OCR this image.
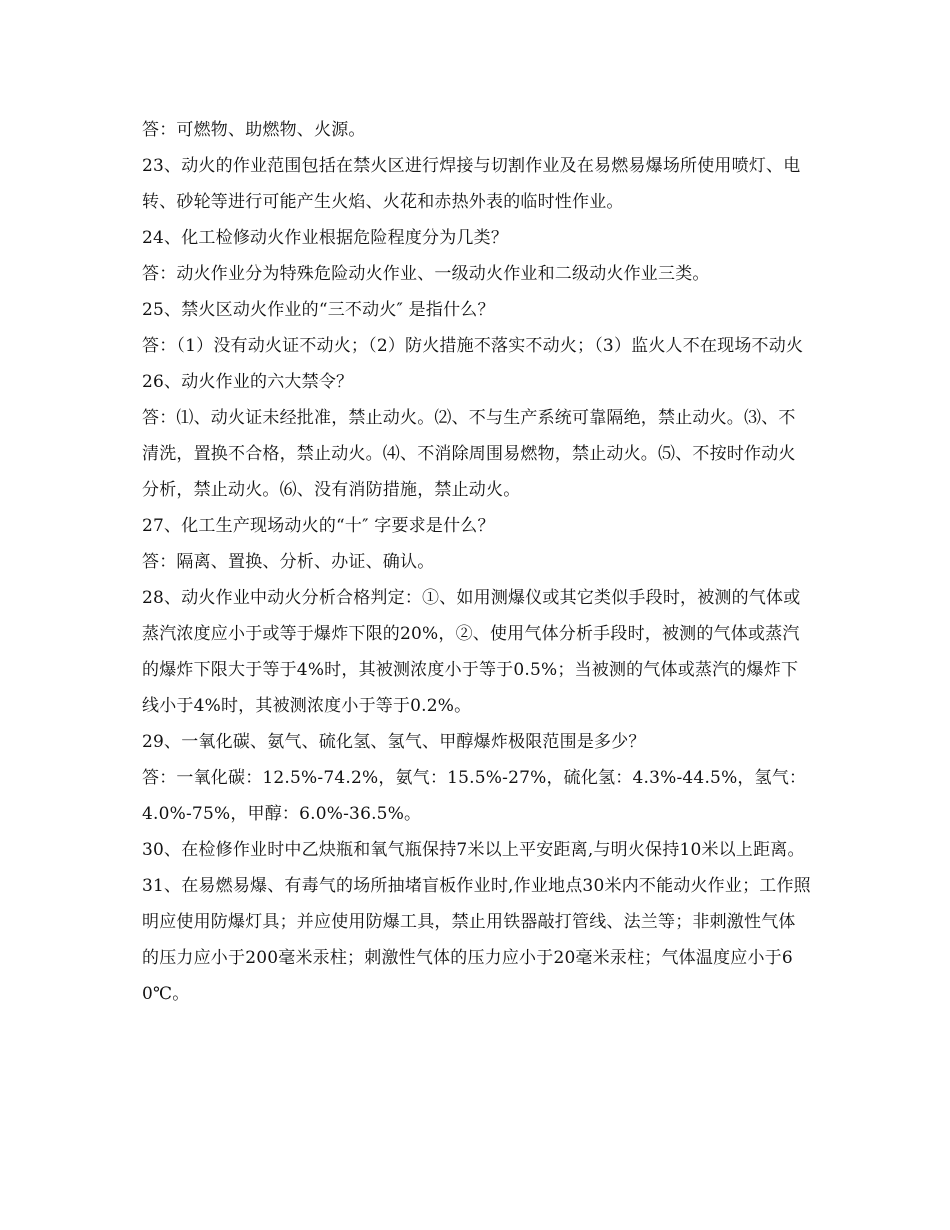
答：可燃物、助燃物、火源。

23、动火的作业范围包括在禁火区进行焊接与切割作业及在易燃易爆场所使用喷灯、电转、砂轮等进行可能产生火焰、火花和赤热外表的临时性作业。

24、化工检修动火作业根据危险程度分为几类？

答：动火作业分为特殊危险动火作业、一级动火作业和二级动火作业三类。

25、禁火区动火作业的“三不动火″ 是指什么？

答：（1）没有动火证不动火；（2）防火措施不落实不动火；（3）监火人不在现场不动火

26、动火作业的六大禁令？

答：⑴、动火证未经批准，禁止动火。⑵、不与生产系统可靠隔绝，禁止动火。⑶、不清洗，置换不合格，禁止动火。⑷、不消除周围易燃物，禁止动火。⑸、不按时作动火分析，禁止动火。⑹、没有消防措施，禁止动火。

27、化工生产现场动火的“十″ 字要求是什么？

答：隔离、置换、分析、办证、确认。

28、动火作业中动火分析合格判定：①、如用测爆仪或其它类似手段时，被测的气体或蒸汽浓度应小于或等于爆炸下限的20%，②、使用气体分析手段时，被测的气体或蒸汽的爆炸下限大于等于4%时，其被测浓度小于等于0.5%；当被测的气体或蒸汽的爆炸下线小于4%时，其被测浓度小于等于0.2%。

29、一氧化碳、氨气、硫化氢、氢气、甲醇爆炸极限范围是多少？

答：一氧化碳：12.5%-74.2%，氨气：15.5%-27%，硫化氢：4.3%-44.5%，氢气：4.0%-75%，甲醇：6.0%-36.5%。

30、在检修作业时中乙炔瓶和氧气瓶保持7米以上平安距离,与明火保持10米以上距离。

31、在易燃易爆、有毒气的场所抽堵盲板作业时,作业地点30米内不能动火作业；工作照明应使用防爆灯具；并应使用防爆工具，禁止用铁器敲打管线、法兰等；非刺激性气体的压力应小于200毫米汞柱；刺激性气体的压力应小于20毫米汞柱；气体温度应小于60℃。
